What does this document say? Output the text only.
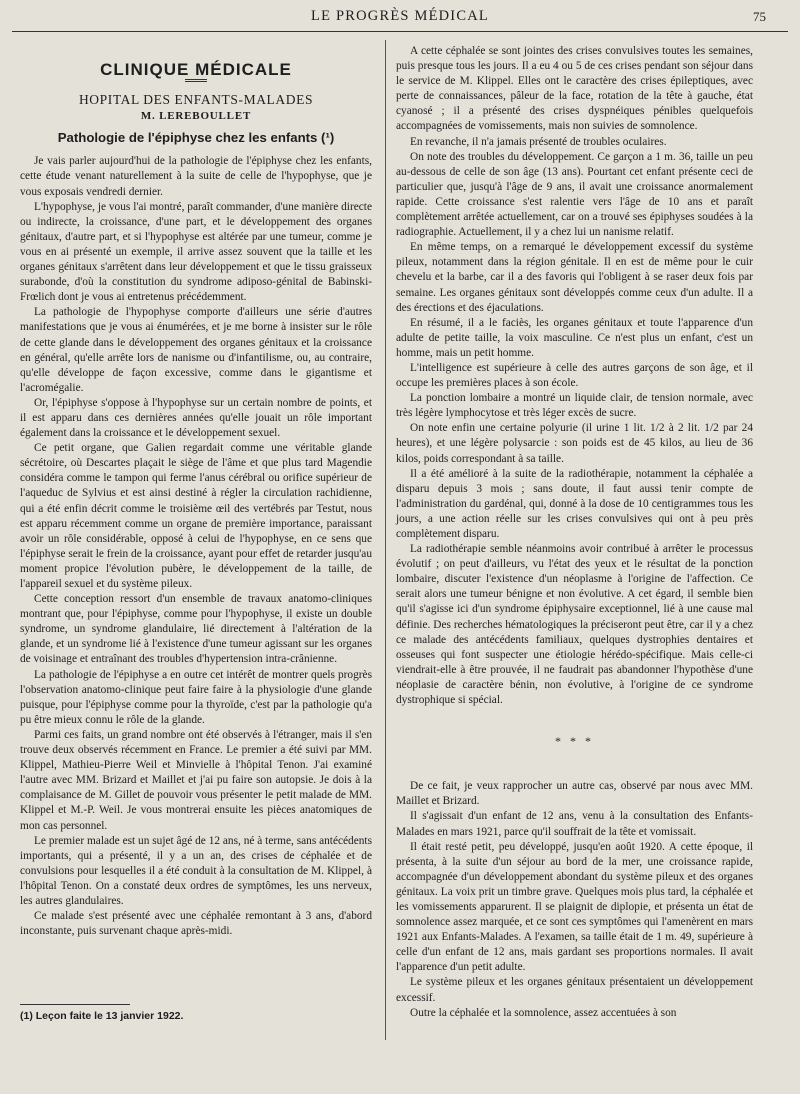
LE PROGRÈS MÉDICAL	75
CLINIQUE MÉDICALE
HOPITAL DES ENFANTS-MALADES
M. LEREBOULLET
Pathologie de l'épiphyse chez les enfants (¹)

Je vais parler aujourd'hui de la pathologie de l'épiphyse chez les enfants, cette étude venant naturellement à la suite de celle de l'hypophyse, que je vous exposais vendredi dernier.

L'hypophyse, je vous l'ai montré, paraît commander, d'une manière directe ou indirecte, la croissance, d'une part, et le développement des organes génitaux, d'autre part, et si l'hypophyse est altérée par une tumeur, comme je vous en ai présenté un exemple, il arrive assez souvent que la taille et les organes génitaux s'arrêtent dans leur développement et que le tissu graisseux surabonde, d'où la constitution du syndrome adiposo-génital de Babinski-Frœlich dont je vous ai entretenus précédemment.

La pathologie de l'hypophyse comporte d'ailleurs une série d'autres manifestations que je vous ai énumérées, et je me borne à insister sur le rôle de cette glande dans le développement des organes génitaux et la croissance en général, qu'elle arrête lors de nanisme ou d'infantilisme, ou, au contraire, qu'elle développe de façon excessive, comme dans le gigantisme et l'acromégalie.

Or, l'épiphyse s'oppose à l'hypophyse sur un certain nombre de points, et il est apparu dans ces dernières années qu'elle jouait un rôle important également dans la croissance et le développement sexuel.

Ce petit organe, que Galien regardait comme une véritable glande sécrétoire, où Descartes plaçait le siège de l'âme et que plus tard Magendie considéra comme le tampon qui ferme l'anus cérébral ou orifice supérieur de l'aqueduc de Sylvius et est ainsi destiné à régler la circulation rachidienne, qui a été enfin décrit comme le troisième œil des vertébrés par Testut, nous est apparu récemment comme un organe de première importance, paraissant avoir un rôle considérable, opposé à celui de l'hypophyse, en ce sens que l'épiphyse serait le frein de la croissance, ayant pour effet de retarder jusqu'au moment propice l'évolution pubère, le développement de la taille, de l'appareil sexuel et du système pileux.

Cette conception ressort d'un ensemble de travaux anatomo-cliniques montrant que, pour l'épiphyse, comme pour l'hypophyse, il existe un double syndrome, un syndrome glandulaire, lié directement à l'altération de la glande, et un syndrome lié à l'existence d'une tumeur agissant sur les organes de voisinage et entraînant des troubles d'hypertension intra-crânienne.

La pathologie de l'épiphyse a en outre cet intérêt de montrer quels progrès l'observation anatomo-clinique peut faire faire à la physiologie d'une glande puisque, pour l'épiphyse comme pour la thyroïde, c'est par la pathologie qu'a pu être mieux connu le rôle de la glande.

Parmi ces faits, un grand nombre ont été observés à l'étranger, mais il s'en trouve deux observés récemment en France. Le premier a été suivi par MM. Klippel, Mathieu-Pierre Weil et Minvielle à l'hôpital Tenon. J'ai examiné l'autre avec MM. Brizard et Maillet et j'ai pu faire son autopsie. Je dois à la complaisance de M. Gillet de pouvoir vous présenter le petit malade de MM. Klippel et M.-P. Weil. Je vous montrerai ensuite les pièces anatomiques de mon cas personnel.

Le premier malade est un sujet âgé de 12 ans, né à terme, sans antécédents importants, qui a présenté, il y a un an, des crises de céphalée et de convulsions pour lesquelles il a été conduit à la consultation de M. Klippel, à l'hôpital Tenon. On a constaté deux ordres de symptômes, les uns nerveux, les autres glandulaires.

Ce malade s'est présenté avec une céphalée remontant à 3 ans, d'abord inconstante, puis survenant chaque après-midi.

(1) Leçon faite le 13 janvier 1922.

A cette céphalée se sont jointes des crises convulsives toutes les semaines, puis presque tous les jours. Il a eu 4 ou 5 de ces crises pendant son séjour dans le service de M. Klippel. Elles ont le caractère des crises épileptiques, avec perte de connaissances, pâleur de la face, rotation de la tête à gauche, état cyanosé ; il a présenté des crises dyspnéiques pénibles quelquefois accompagnées de vomissements, mais non suivies de somnolence.

En revanche, il n'a jamais présenté de troubles oculaires.

On note des troubles du développement. Ce garçon a 1 m. 36, taille un peu au-dessous de celle de son âge (13 ans). Pourtant cet enfant présente ceci de particulier que, jusqu'à l'âge de 9 ans, il avait une croissance anormalement rapide. Cette croissance s'est ralentie vers l'âge de 10 ans et paraît complètement arrêtée actuellement, car on a trouvé ses épiphyses soudées à la radiographie. Actuellement, il y a chez lui un nanisme relatif.

En même temps, on a remarqué le développement excessif du système pileux, notamment dans la région génitale. Il en est de même pour le cuir chevelu et la barbe, car il a des favoris qui l'obligent à se raser deux fois par semaine. Les organes génitaux sont développés comme ceux d'un adulte. Il a des érections et des éjaculations.

En résumé, il a le faciès, les organes génitaux et toute l'apparence d'un adulte de petite taille, la voix masculine. Ce n'est plus un enfant, c'est un homme, mais un petit homme.

L'intelligence est supérieure à celle des autres garçons de son âge, et il occupe les premières places à son école.

La ponction lombaire a montré un liquide clair, de tension normale, avec très légère lymphocytose et très léger excès de sucre.

On note enfin une certaine polyurie (il urine 1 lit. 1/2 à 2 lit. 1/2 par 24 heures), et une légère polysarcie : son poids est de 45 kilos, au lieu de 36 kilos, poids correspondant à sa taille.

Il a été amélioré à la suite de la radiothérapie, notamment la céphalée a disparu depuis 3 mois ; sans doute, il faut aussi tenir compte de l'administration du gardénal, qui, donné à la dose de 10 centigrammes tous les jours, a une action réelle sur les crises convulsives qui ont à peu près complètement disparu.

La radiothérapie semble néanmoins avoir contribué à arrêter le processus évolutif ; on peut d'ailleurs, vu l'état des yeux et le résultat de la ponction lombaire, discuter l'existence d'un néoplasme à l'origine de l'affection. Ce serait alors une tumeur bénigne et non évolutive. A cet égard, il semble bien qu'il s'agisse ici d'un syndrome épiphysaire exceptionnel, lié à une cause mal définie. Des recherches hématologiques la préciseront peut être, car il y a chez ce malade des antécédents familiaux, quelques dystrophies dentaires et osseuses qui font suspecter une étiologie hérédo-spécifique. Mais celle-ci viendrait-elle à être prouvée, il ne faudrait pas abandonner l'hypothèse d'une néoplasie de caractère bénin, non évolutive, à l'origine de ce syndrome dystrophique si spécial.

* * *

De ce fait, je veux rapprocher un autre cas, observé par nous avec MM. Maillet et Brizard.

Il s'agissait d'un enfant de 12 ans, venu à la consultation des Enfants-Malades en mars 1921, parce qu'il souffrait de la tête et vomissait.

Il était resté petit, peu développé, jusqu'en août 1920. A cette époque, il présenta, à la suite d'un séjour au bord de la mer, une croissance rapide, accompagnée d'un développement abondant du système pileux et des organes génitaux. La voix prit un timbre grave. Quelques mois plus tard, la céphalée et les vomissements apparurent. Il se plaignit de diplopie, et présenta un état de somnolence assez marquée, et ce sont ces symptômes qui l'amenèrent en mars 1921 aux Enfants-Malades. A l'examen, sa taille était de 1 m. 49, supérieure à celle d'un enfant de 12 ans, mais gardant ses proportions normales. Il avait l'apparence d'un petit adulte.

Le système pileux et les organes génitaux présentaient un développement excessif.

Outre la céphalée et la somnolence, assez accentuées à son
